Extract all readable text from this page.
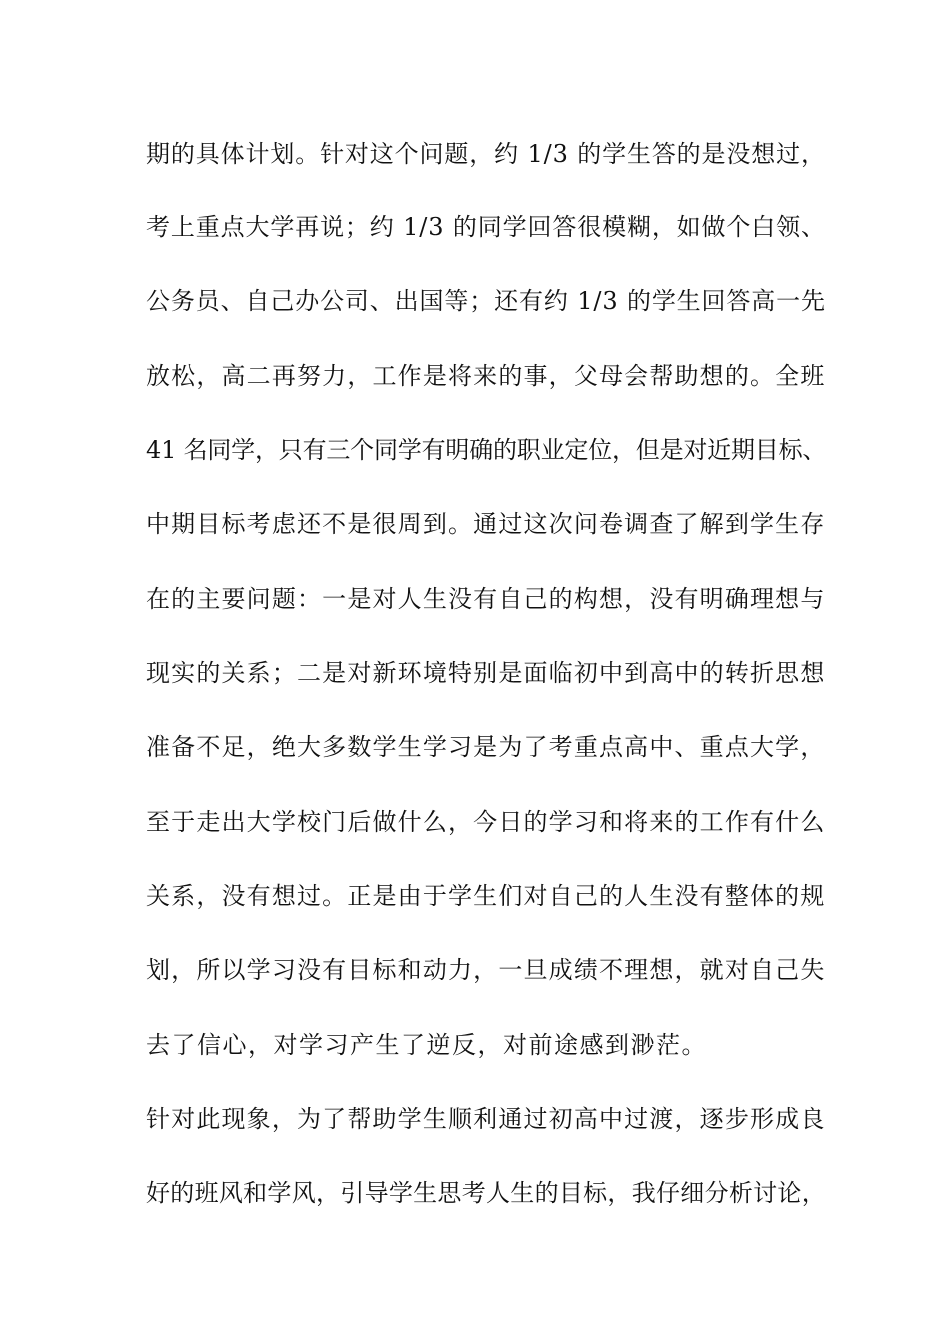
期的具体计划。针对这个问题，约 1/3 的学生答的是没想过，
考上重点大学再说；约 1/3 的同学回答很模糊，如做个白领、
公务员、自己办公司、出国等；还有约 1/3 的学生回答高一先
放松，高二再努力，工作是将来的事，父母会帮助想的。全班
41 名同学，只有三个同学有明确的职业定位，但是对近期目标、
中期目标考虑还不是很周到。通过这次问卷调查了解到学生存
在的主要问题：一是对人生没有自己的构想，没有明确理想与
现实的关系；二是对新环境特别是面临初中到高中的转折思想
准备不足，绝大多数学生学习是为了考重点高中、重点大学，
至于走出大学校门后做什么，今日的学习和将来的工作有什么
关系，没有想过。正是由于学生们对自己的人生没有整体的规
划，所以学习没有目标和动力，一旦成绩不理想，就对自己失
去了信心，对学习产生了逆反，对前途感到渺茫。
针对此现象，为了帮助学生顺利通过初高中过渡，逐步形成良
好的班风和学风，引导学生思考人生的目标，我仔细分析讨论，
